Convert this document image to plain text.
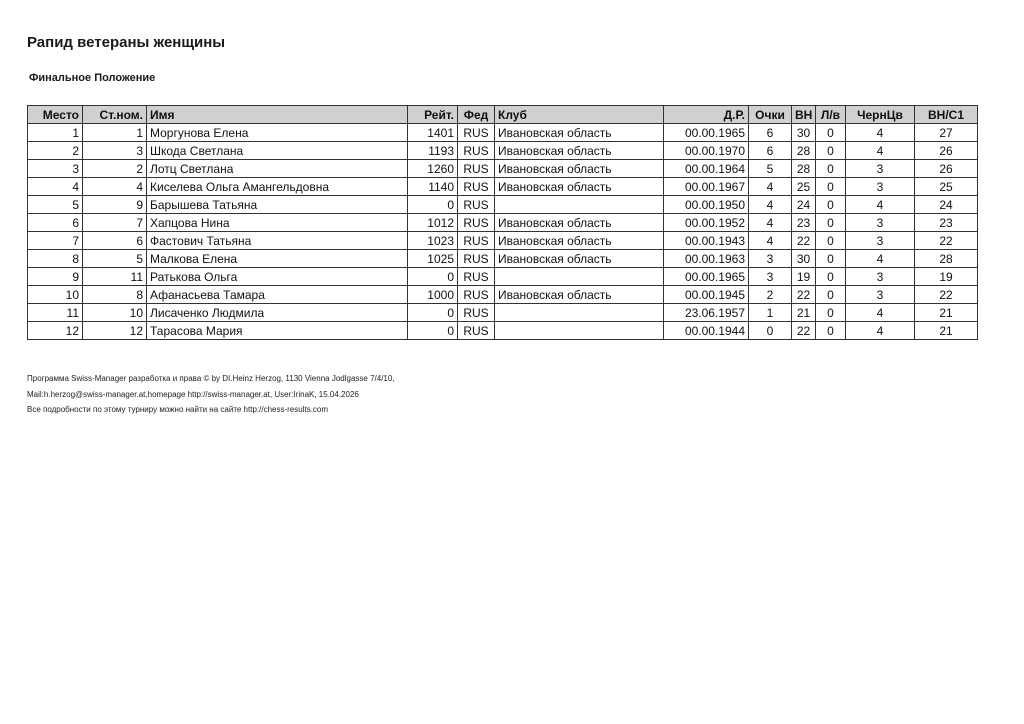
Рапид ветераны женщины
Финальное Положение
Место	Ст.ном.	Имя	Рейт.	Фед	Клуб	Д.Р.	Очки	ВН	Л/в	ЧернЦв	ВН/С1
1	1	Моргунова Елена	1401	RUS	Ивановская область	00.00.1965	6	30	0	4	27
2	3	Шкода Светлана	1193	RUS	Ивановская область	00.00.1970	6	28	0	4	26
3	2	Лотц Светлана	1260	RUS	Ивановская область	00.00.1964	5	28	0	3	26
4	4	Киселева Ольга Амангельдовна	1140	RUS	Ивановская область	00.00.1967	4	25	0	3	25
5	9	Барышева Татьяна	0	RUS		00.00.1950	4	24	0	4	24
6	7	Хапцова Нина	1012	RUS	Ивановская область	00.00.1952	4	23	0	3	23
7	6	Фастович Татьяна	1023	RUS	Ивановская область	00.00.1943	4	22	0	3	22
8	5	Малкова Елена	1025	RUS	Ивановская область	00.00.1963	3	30	0	4	28
9	11	Ратькова Ольга	0	RUS		00.00.1965	3	19	0	3	19
10	8	Афанасьева Тамара	1000	RUS	Ивановская область	00.00.1945	2	22	0	3	22
11	10	Лисаченко Людмила	0	RUS		23.06.1957	1	21	0	4	21
12	12	Тарасова Мария	0	RUS		00.00.1944	0	22	0	4	21
Программа Swiss-Manager разработка и права © by DI.Heinz Herzog, 1130 Vienna Jodlgasse 7/4/10,
Mail:h.herzog@swiss-manager.at,homepage http://swiss-manager.at, User:IrinaK, 15.04.2026
Все подробности по этому турниру можно найти на сайте http://chess-results.com
